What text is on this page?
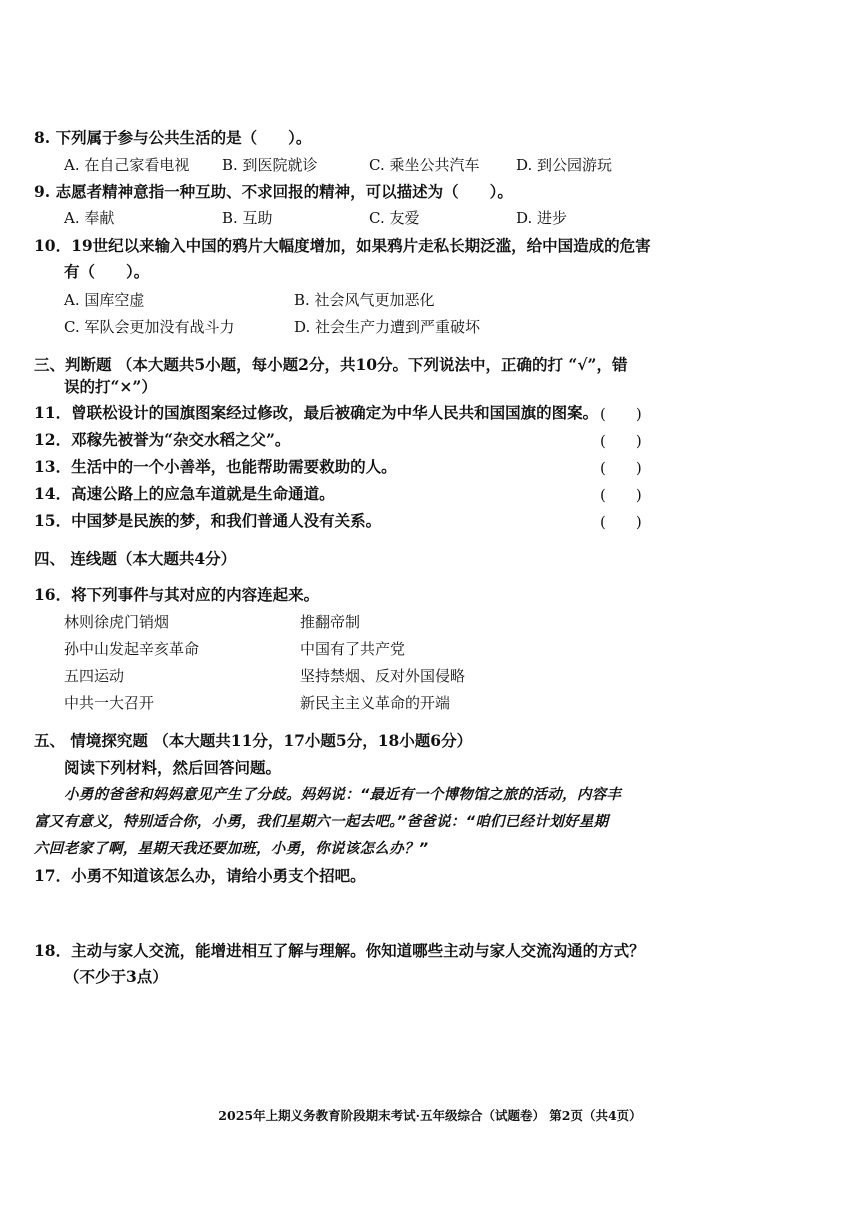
8. 下列属于参与公共生活的是（　　）。
A. 在自己家看电视 B. 到医院就诊	C. 乘坐公共汽车 D. 到公园游玩
9. 志愿者精神意指一种互助、不求回报的精神，可以描述为（　　）。
A. 奉献	B. 互助	C. 友爱	D. 进步
10．19世纪以来输入中国的鸦片大幅度增加，如果鸦片走私长期泛滥，给中国造成的危害
有（　　）。
A. 国库空虚	B. 社会风气更加恶化
C. 军队会更加没有战斗力	D. 社会生产力遭到严重破坏
三、判断题 （本大题共5小题，每小题2分，共10分。下列说法中，正确的打 “√”，错
误的打“×”）
11．曾联松设计的国旗图案经过修改，最后被确定为中华人民共和国国旗的图案。 (　　)
12．邓稼先被誉为“杂交水稻之父”。	(　　)
13．生活中的一个小善举，也能帮助需要救助的人。	(　　)
14．高速公路上的应急车道就是生命通道。	(　　)
15．中国梦是民族的梦，和我们普通人没有关系。	(　　)
四、 连线题（本大题共4分）
16．将下列事件与其对应的内容连起来。
林则徐虎门销烟	推翻帝制
孙中山发起辛亥革命	中国有了共产党
五四运动	坚持禁烟、反对外国侵略
中共一大召开	新民主主义革命的开端
五、 情境探究题 （本大题共11分，17小题5分，18小题6分）
阅读下列材料，然后回答问题。
小勇的爸爸和妈妈意见产生了分歧。妈妈说：“最近有一个博物馆之旅的活动，内容丰
富又有意义，特别适合你，小勇，我们星期六一起去吧。”爸爸说：“咱们已经计划好星期
六回老家了啊，星期天我还要加班，小勇，你说该怎么办？”
17．小勇不知道该怎么办，请给小勇支个招吧。
18．主动与家人交流，能增进相互了解与理解。你知道哪些主动与家人交流沟通的方式？
（不少于3点）
2025年上期义务教育阶段期末考试·五年级综合（试题卷） 第2页（共4页）
